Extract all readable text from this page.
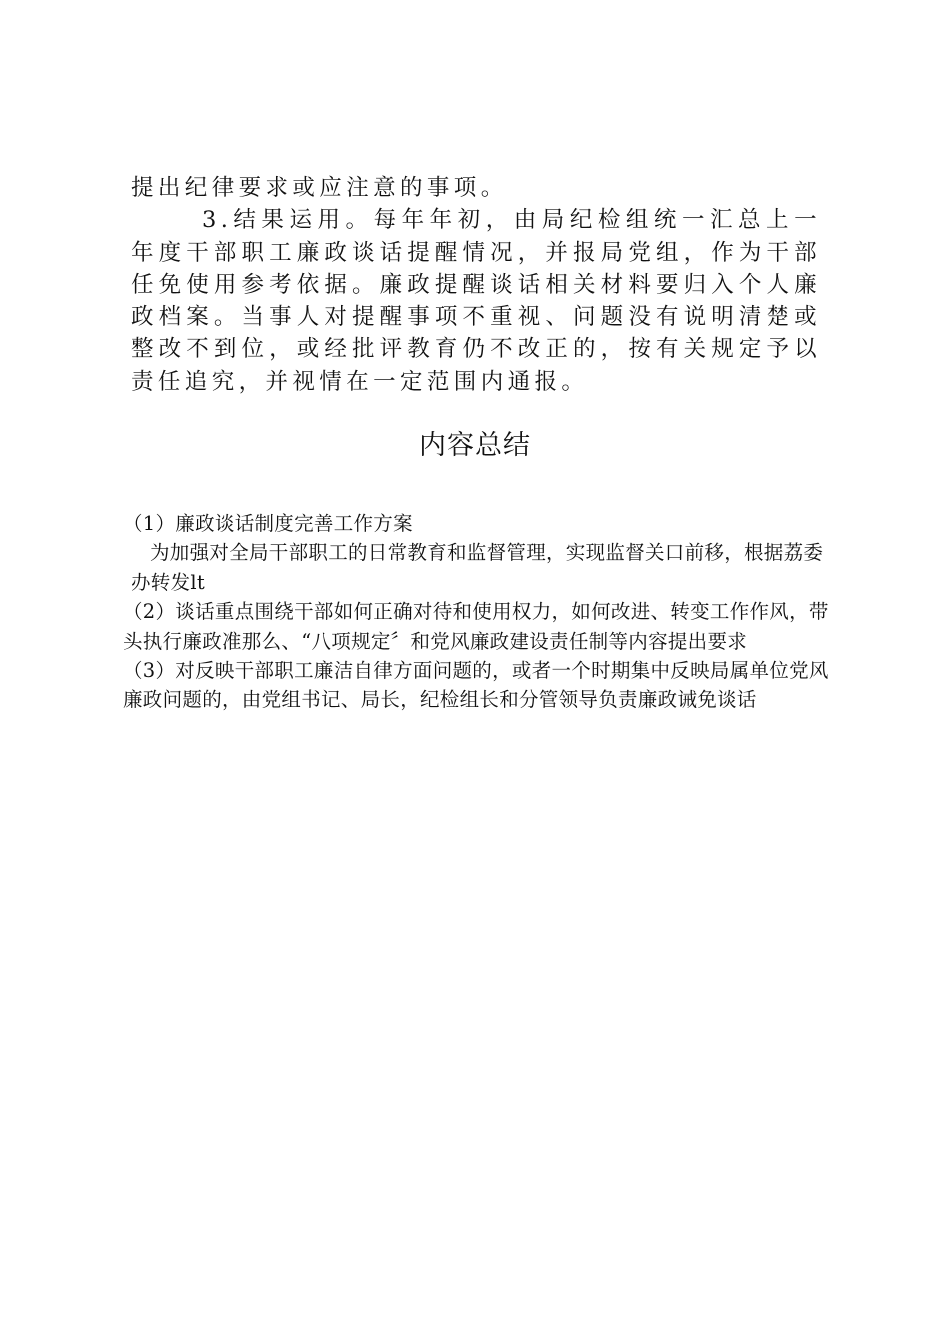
提出纪律要求或应注意的事项。

3.结果运用。每年年初，由局纪检组统一汇总上一年度干部职工廉政谈话提醒情况，并报局党组，作为干部任免使用参考依据。廉政提醒谈话相关材料要归入个人廉政档案。当事人对提醒事项不重视、问题没有说明清楚或整改不到位，或经批评教育仍不改正的，按有关规定予以责任追究，并视情在一定范围内通报。

内容总结

（1）廉政谈话制度完善工作方案

为加强对全局干部职工的日常教育和监督管理，实现监督关口前移，根据荔委办转发lt

（2）谈话重点围绕干部如何正确对待和使用权力，如何改进、转变工作作风，带头执行廉政准那么、“八项规定〞和党风廉政建设责任制等内容提出要求

（3）对反映干部职工廉洁自律方面问题的，或者一个时期集中反映局属单位党风廉政问题的，由党组书记、局长，纪检组长和分管领导负责廉政诫免谈话
